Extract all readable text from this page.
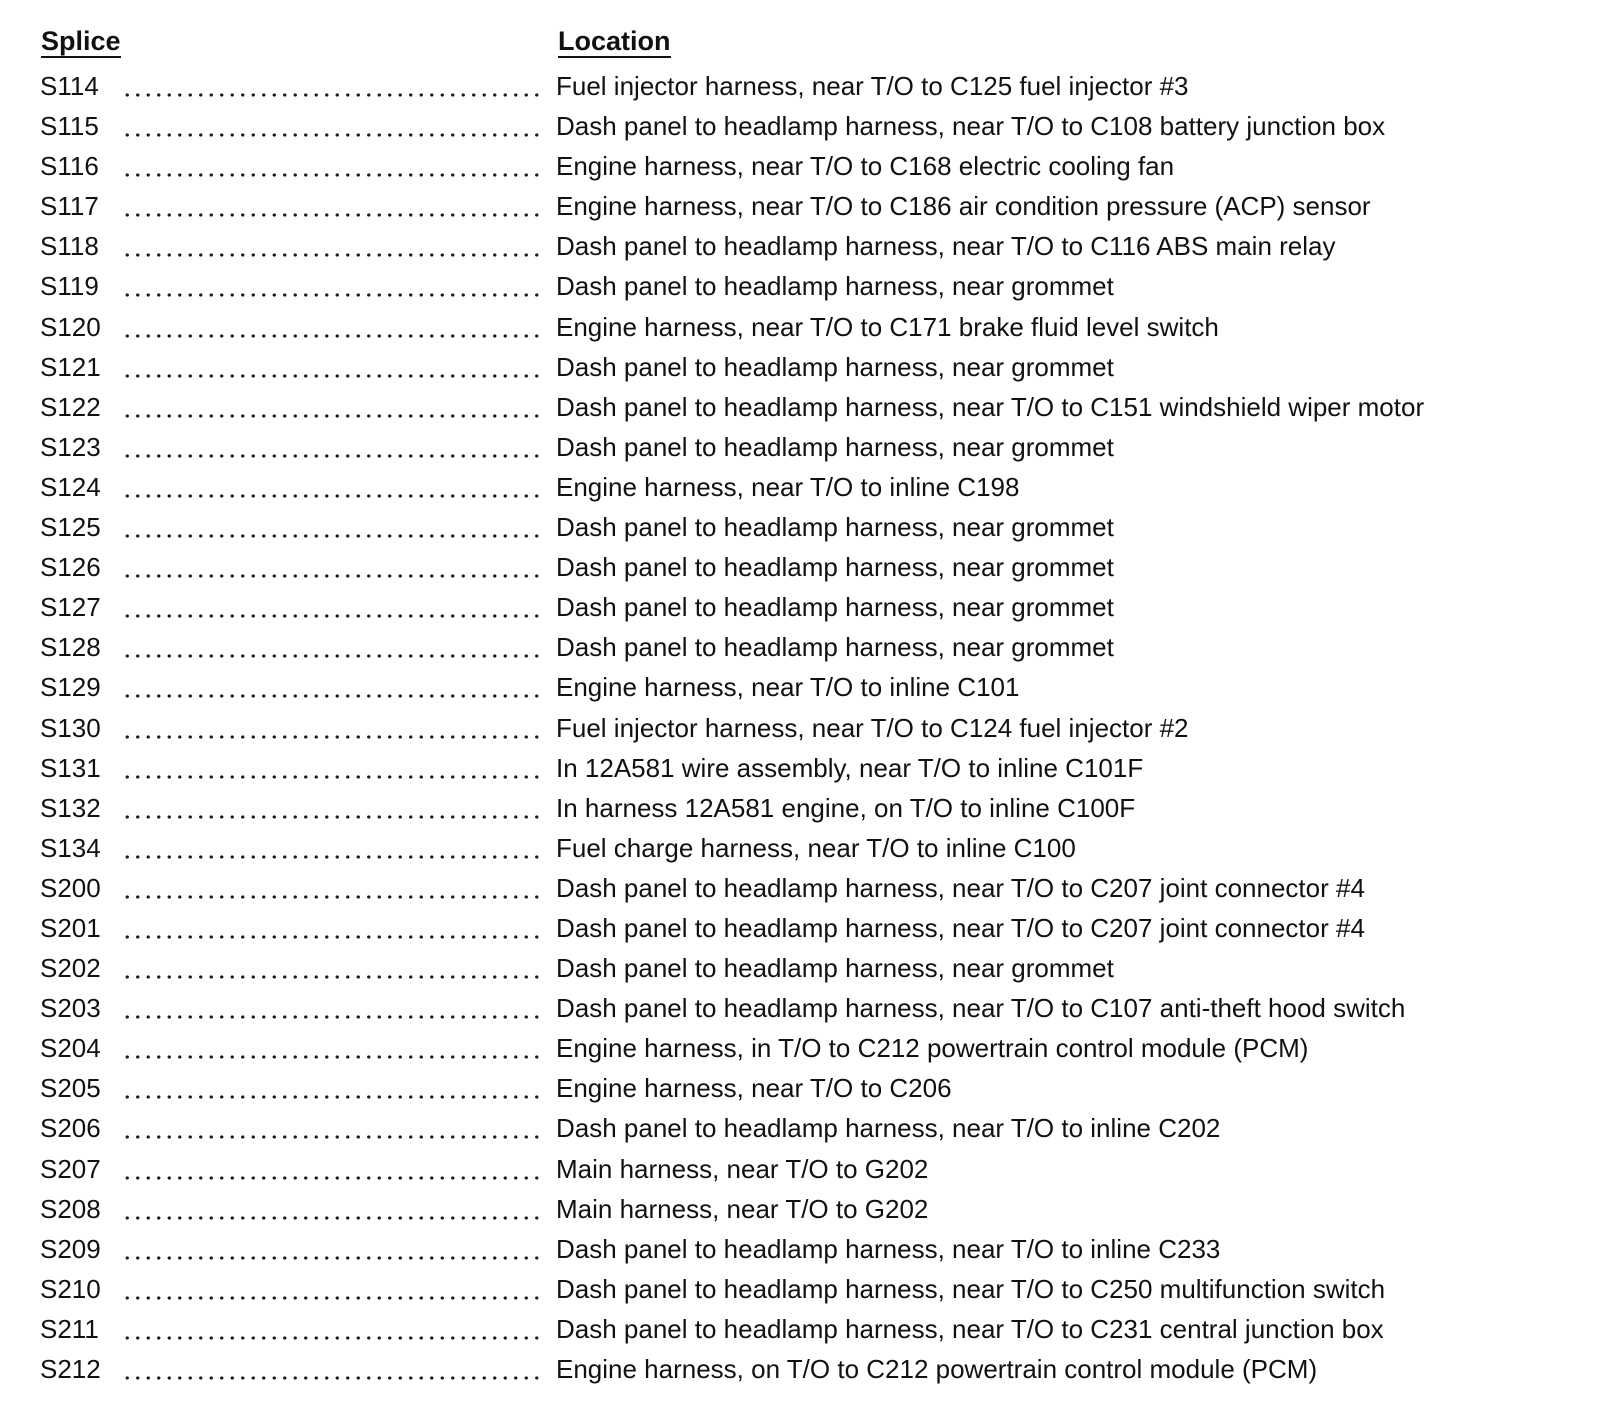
Splice	Location
S114	Fuel injector harness, near T/O to C125 fuel injector #3
S115	Dash panel to headlamp harness, near T/O to C108 battery junction box
S116	Engine harness, near T/O to C168 electric cooling fan
S117	Engine harness, near T/O to C186 air condition pressure (ACP) sensor
S118	Dash panel to headlamp harness, near T/O to C116 ABS main relay
S119	Dash panel to headlamp harness, near grommet
S120	Engine harness, near T/O to C171 brake fluid level switch
S121	Dash panel to headlamp harness, near grommet
S122	Dash panel to headlamp harness, near T/O to C151 windshield wiper motor
S123	Dash panel to headlamp harness, near grommet
S124	Engine harness, near T/O to inline C198
S125	Dash panel to headlamp harness, near grommet
S126	Dash panel to headlamp harness, near grommet
S127	Dash panel to headlamp harness, near grommet
S128	Dash panel to headlamp harness, near grommet
S129	Engine harness, near T/O to inline C101
S130	Fuel injector harness, near T/O to C124 fuel injector #2
S131	In 12A581 wire assembly, near T/O to inline C101F
S132	In harness 12A581 engine, on T/O to inline C100F
S134	Fuel charge harness, near T/O to inline C100
S200	Dash panel to headlamp harness, near T/O to C207 joint connector #4
S201	Dash panel to headlamp harness, near T/O to C207 joint connector #4
S202	Dash panel to headlamp harness, near grommet
S203	Dash panel to headlamp harness, near T/O to C107 anti-theft hood switch
S204	Engine harness, in T/O to C212 powertrain control module (PCM)
S205	Engine harness, near T/O to C206
S206	Dash panel to headlamp harness, near T/O to inline C202
S207	Main harness, near T/O to G202
S208	Main harness, near T/O to G202
S209	Dash panel to headlamp harness, near T/O to inline C233
S210	Dash panel to headlamp harness, near T/O to C250 multifunction switch
S211	Dash panel to headlamp harness, near T/O to C231 central junction box
S212	Engine harness, on T/O to C212 powertrain control module (PCM)
